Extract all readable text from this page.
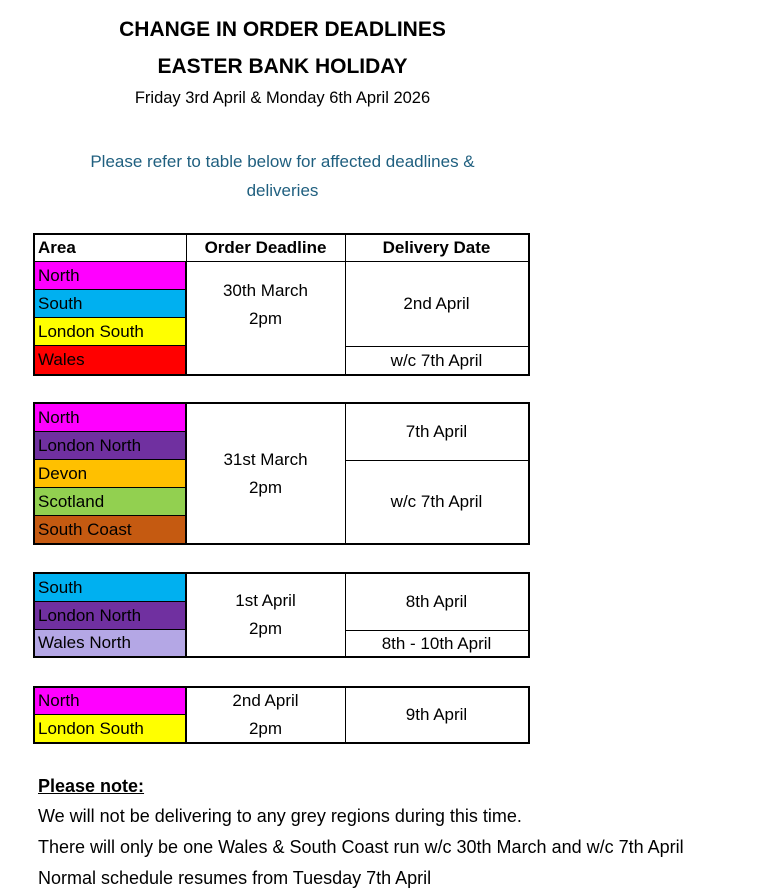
CHANGE IN ORDER DEADLINES
EASTER BANK HOLIDAY
Friday 3rd April & Monday 6th April 2026
Please refer to table below for affected deadlines &
deliveries
Area	Order Deadline	Delivery Date
North
South
London South
Wales
30th March
2pm
2nd April
w/c 7th April
North
London North
Devon
Scotland
South Coast
31st March
2pm
7th April
w/c 7th April
South
London North
Wales North
1st April
2pm
8th April
8th - 10th April
North
London South
2nd April
2pm
9th April
Please note:
We will not be delivering to any grey regions during this time.
There will only be one Wales & South Coast run w/c 30th March and w/c 7th April
Normal schedule resumes from Tuesday 7th April
